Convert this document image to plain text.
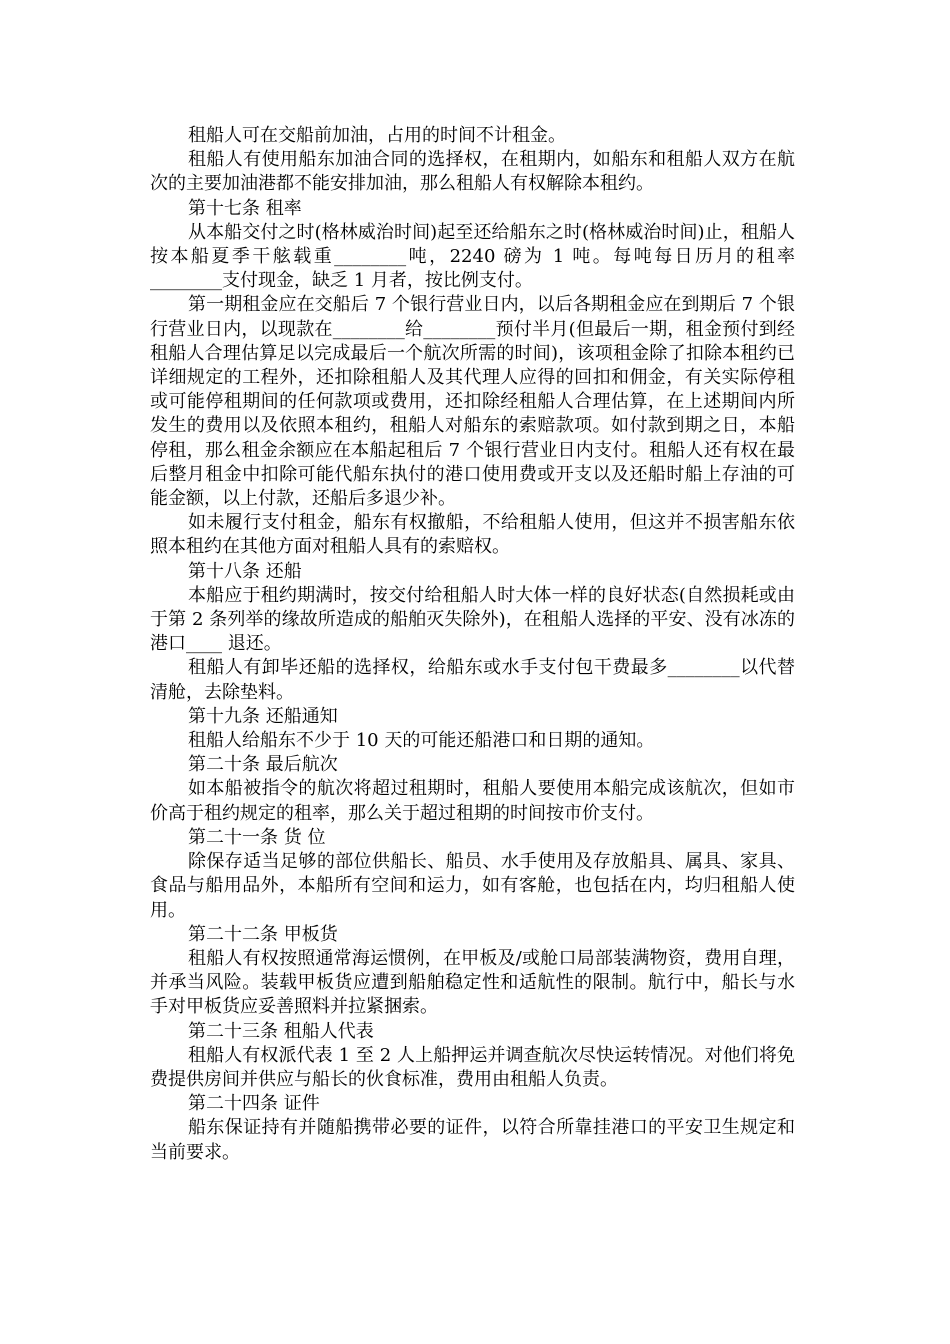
租船人可在交船前加油，占用的时间不计租金。

租船人有使用船东加油合同的选择权，在租期内，如船东和租船人双方在航次的主要加油港都不能安排加油，那么租船人有权解除本租约。

第十七条 租率

从本船交付之时(格林威治时间)起至还给船东之时(格林威治时间)止，租船人按本船夏季干舷载重________吨，2240 磅为 1 吨。每吨每日历月的租率________支付现金，缺乏 1 月者，按比例支付。

第一期租金应在交船后 7 个银行营业日内，以后各期租金应在到期后 7 个银行营业日内，以现款在________给________预付半月(但最后一期，租金预付到经租船人合理估算足以完成最后一个航次所需的时间)，该项租金除了扣除本租约已详细规定的工程外，还扣除租船人及其代理人应得的回扣和佣金，有关实际停租或可能停租期间的任何款项或费用，还扣除经租船人合理估算，在上述期间内所发生的费用以及依照本租约，租船人对船东的索赔款项。如付款到期之日，本船停租，那么租金余额应在本船起租后 7 个银行营业日内支付。租船人还有权在最后整月租金中扣除可能代船东执付的港口使用费或开支以及还船时船上存油的可能金额，以上付款，还船后多退少补。

如未履行支付租金，船东有权撤船，不给租船人使用，但这并不损害船东依照本租约在其他方面对租船人具有的索赔权。

第十八条 还船

本船应于租约期满时，按交付给租船人时大体一样的良好状态(自然损耗或由于第 2 条列举的缘故所造成的船舶灭失除外)，在租船人选择的平安、没有冰冻的港口____ 退还。

租船人有卸毕还船的选择权，给船东或水手支付包干费最多________以代替清舱，去除垫料。

第十九条 还船通知

租船人给船东不少于 10 天的可能还船港口和日期的通知。

第二十条 最后航次

如本船被指令的航次将超过租期时，租船人要使用本船完成该航次，但如市价高于租约规定的租率，那么关于超过租期的时间按市价支付。

第二十一条 货 位

除保存适当足够的部位供船长、船员、水手使用及存放船具、属具、家具、食品与船用品外，本船所有空间和运力，如有客舱，也包括在内，均归租船人使用。

第二十二条 甲板货

租船人有权按照通常海运惯例，在甲板及/或舱口局部装满物资，费用自理，并承当风险。装载甲板货应遭到船舶稳定性和适航性的限制。航行中，船长与水手对甲板货应妥善照料并拉紧捆索。

第二十三条 租船人代表

租船人有权派代表 1 至 2 人上船押运并调查航次尽快运转情况。对他们将免费提供房间并供应与船长的伙食标准，费用由租船人负责。

第二十四条 证件

船东保证持有并随船携带必要的证件，以符合所靠挂港口的平安卫生规定和当前要求。
